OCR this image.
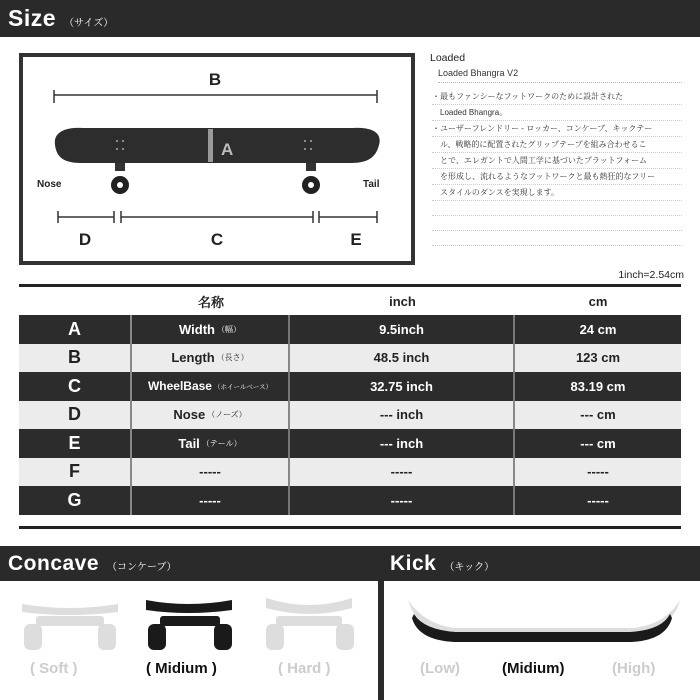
Size （サイズ）
B
A
Nose	Tail
D	C	E
Loaded
Loaded Bhangra V2

・最もファンシーなフットワークのために設計された

Loaded Bhangra。

・ユーザーフレンドリー - ロッカー、コンケーブ、キックテー

ル、戦略的に配置されたグリップテープを組み合わせるこ

とで、エレガントで人間工学に基づいたプラットフォーム

を形成し、流れるようなフットワークと最も熱狂的なフリー

スタイルのダンスを実現します。

1inch=2.54cm
名称	inch	cm
A	Width （幅）	9.5inch	24 cm
B	Length （長さ）	48.5 inch	123 cm
C	WheelBase （ホイールベース）	32.75 inch	83.19 cm
D	Nose （ノーズ）	--- inch	--- cm
E	Tail （テール）	--- inch	--- cm
F	-----	-----	-----
G	-----	-----	-----
Concave （コンケーブ）	Kick （キック）
( Soft )	( Midium )	( Hard )	(Low)	(Midium)	(High)
